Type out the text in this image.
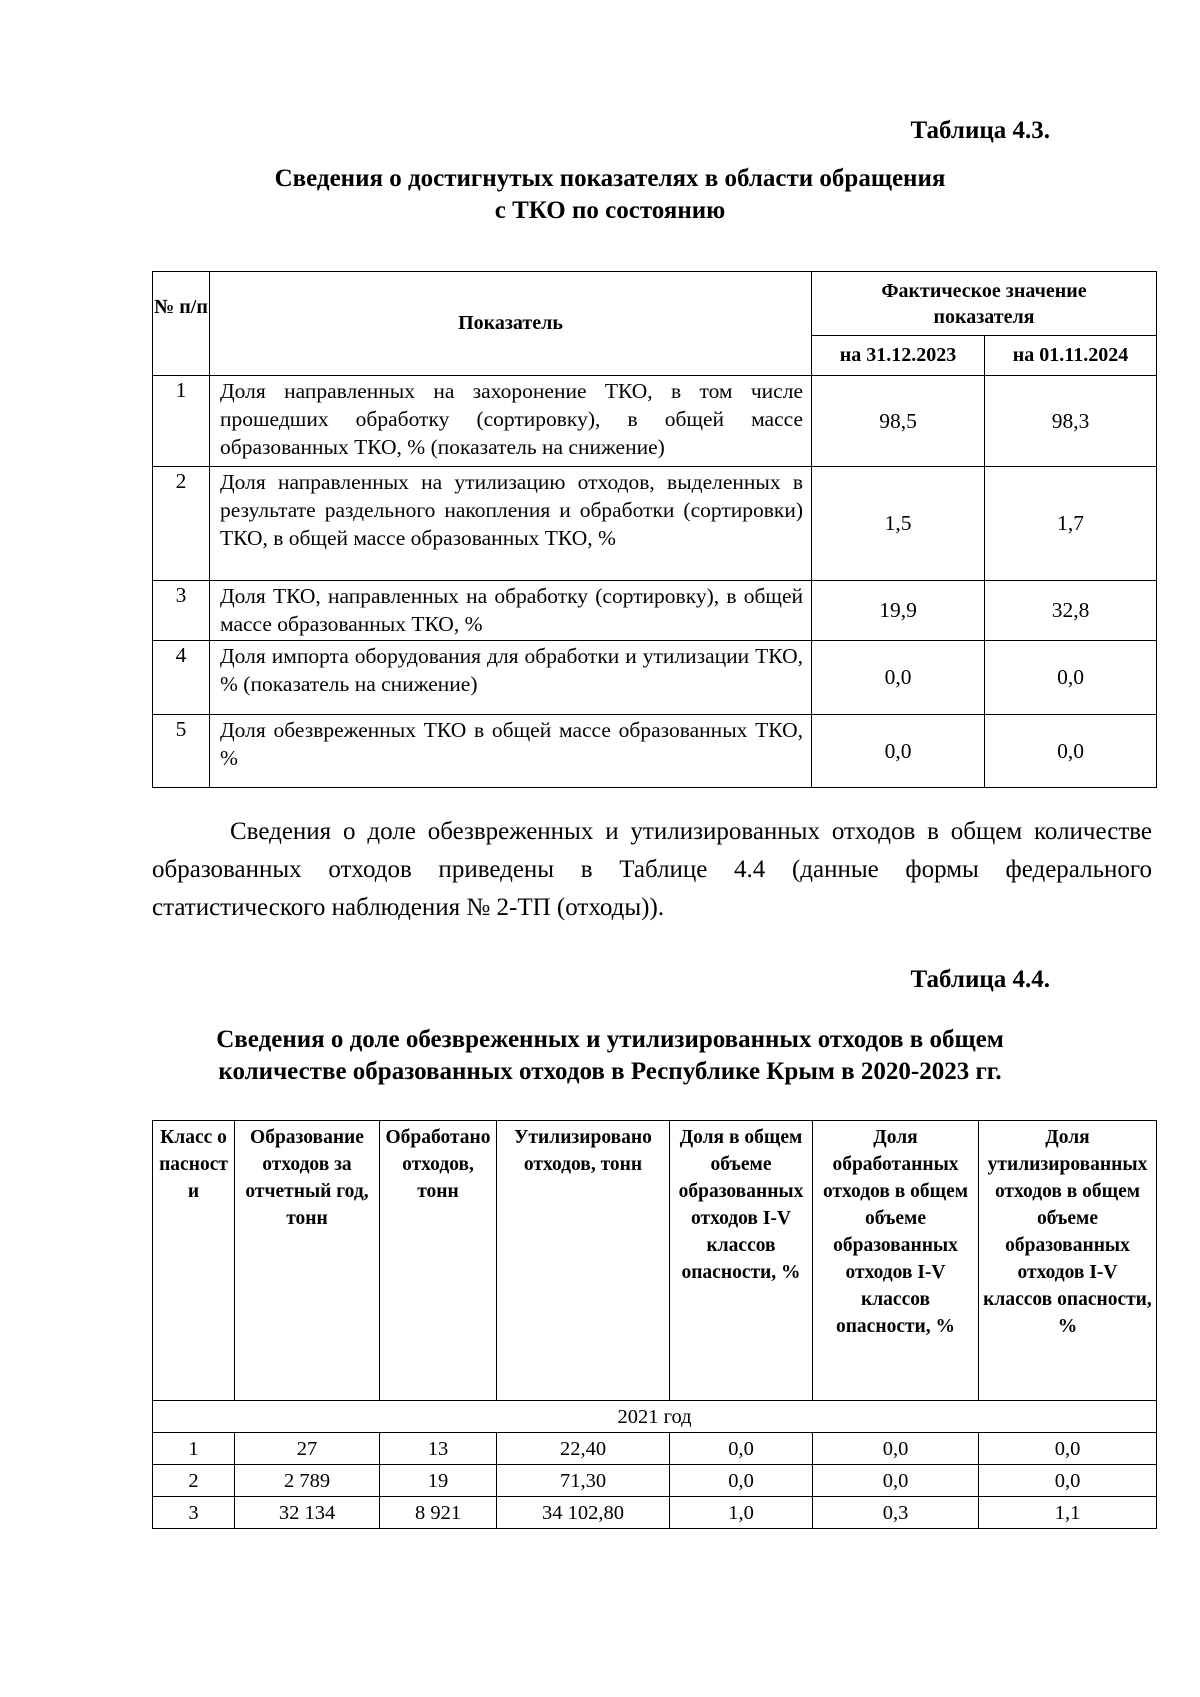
Таблица 4.3.
Сведения о достигнутых показателях в области обращения
с ТКО по состоянию
№ п/п	Показатель	Фактическое значение показателя	
		на 31.12.2023	на 01.11.2024
1	Доля направленных на захоронение ТКО, в том числе прошедших обработку (сортировку), в общей массе образованных ТКО, % (показатель на снижение)	98,5	98,3
2	Доля направленных на утилизацию отходов, выделенных в результате раздельного накопления и обработки (сортировки) ТКО, в общей массе образованных ТКО, %	1,5	1,7
3	Доля ТКО, направленных на обработку (сортировку), в общей массе образованных ТКО, %	19,9	32,8
4	Доля импорта оборудования для обработки и утилизации ТКО, % (показатель на снижение)	0,0	0,0
5	Доля обезвреженных ТКО в общей массе образованных ТКО, %	0,0	0,0
Сведения о доле обезвреженных и утилизированных отходов в общем количестве образованных отходов приведены в Таблице 4.4 (данные формы федерального статистического наблюдения № 2-ТП (отходы)).
Таблица 4.4.
Сведения о доле обезвреженных и утилизированных отходов в общем
количестве образованных отходов в Республике Крым в 2020-2023 гг.
Класс опасности	Образование отходов за отчетный год, тонн	Обработано отходов, тонн	Утилизировано отходов, тонн	Доля в общем объеме образованных отходов I-V классов опасности, %	Доля обработанных отходов в общем объеме образованных отходов I-V классов опасности, %	Доля утилизированных отходов в общем объеме образованных отходов I-V классов опасности, %
2021 год						
1	27	13	22,40	0,0	0,0	0,0
2	2 789	19	71,30	0,0	0,0	0,0
3	32 134	8 921	34 102,80	1,0	0,3	1,1
